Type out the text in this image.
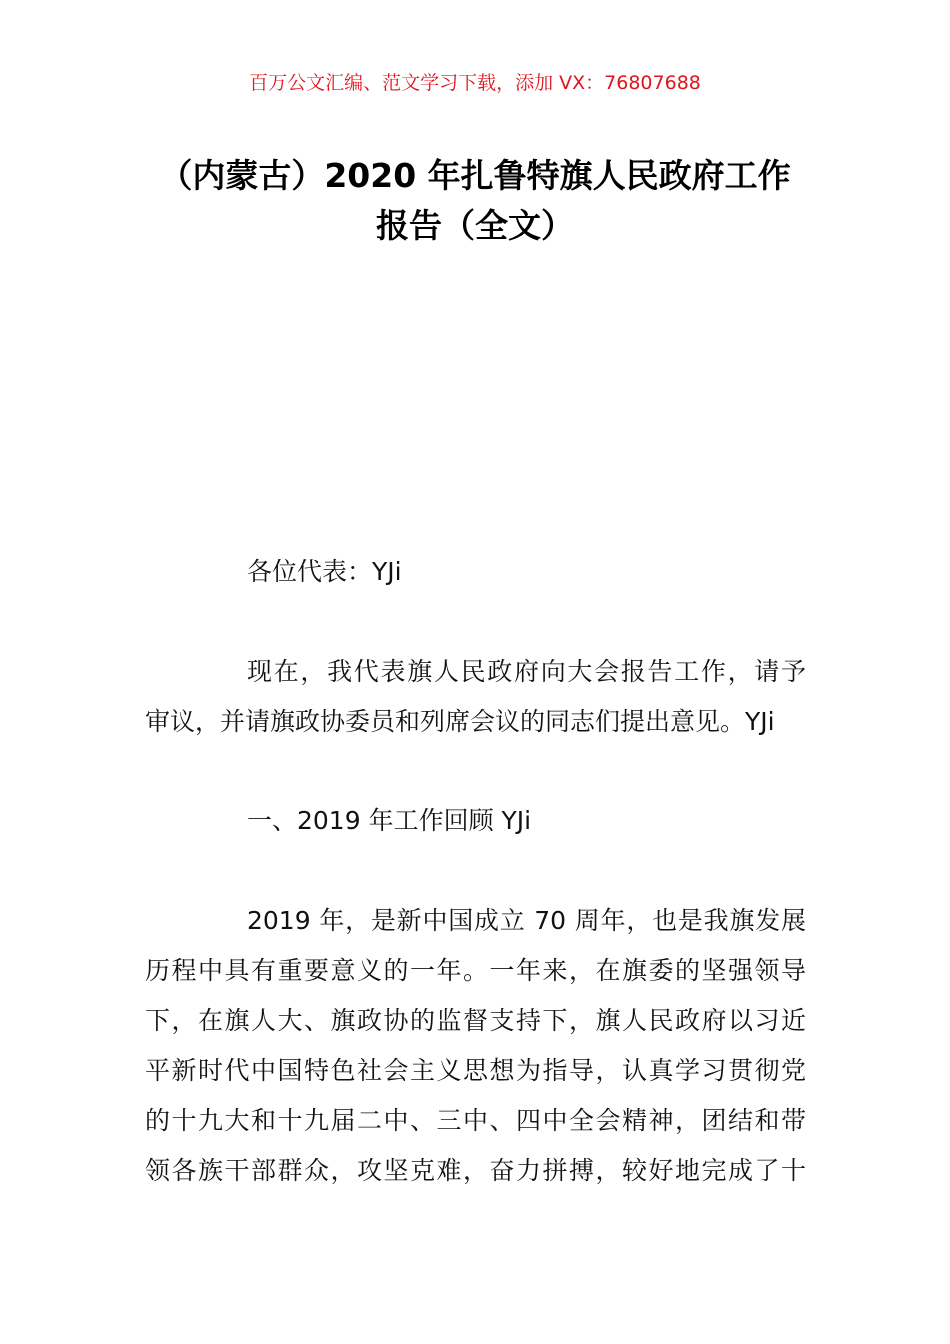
百万公文汇编、范文学习下载，添加 VX：76807688
（内蒙古）2020 年扎鲁特旗人民政府工作
报告（全文）
各位代表：YJi
现在，我代表旗人民政府向大会报告工作，请予
审议，并请旗政协委员和列席会议的同志们提出意见。YJi
一、2019 年工作回顾 YJi
2019 年，是新中国成立 70 周年，也是我旗发展
历程中具有重要意义的一年。一年来，在旗委的坚强领导
下，在旗人大、旗政协的监督支持下，旗人民政府以习近
平新时代中国特色社会主义思想为指导，认真学习贯彻党
的十九大和十九届二中、三中、四中全会精神，团结和带
领各族干部群众，攻坚克难，奋力拼搏，较好地完成了十
